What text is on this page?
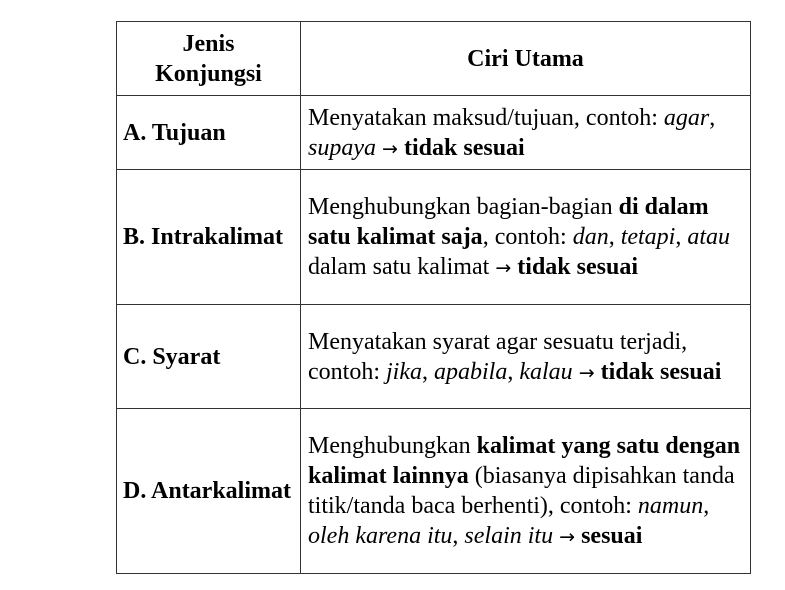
Jenis
Konjungsi	Ciri Utama
A. Tujuan	Menyatakan maksud/tujuan, contoh: agar, supaya → tidak sesuai
B. Intrakalimat	Menghubungkan bagian-bagian di dalam satu kalimat saja, contoh: dan, tetapi, atau dalam satu kalimat → tidak sesuai
C. Syarat	Menyatakan syarat agar sesuatu terjadi, contoh: jika, apabila, kalau → tidak sesuai
D. Antarkalimat	Menghubungkan kalimat yang satu dengan kalimat lainnya (biasanya dipisahkan tanda titik/tanda baca berhenti), contoh: namun, oleh karena itu, selain itu → sesuai
